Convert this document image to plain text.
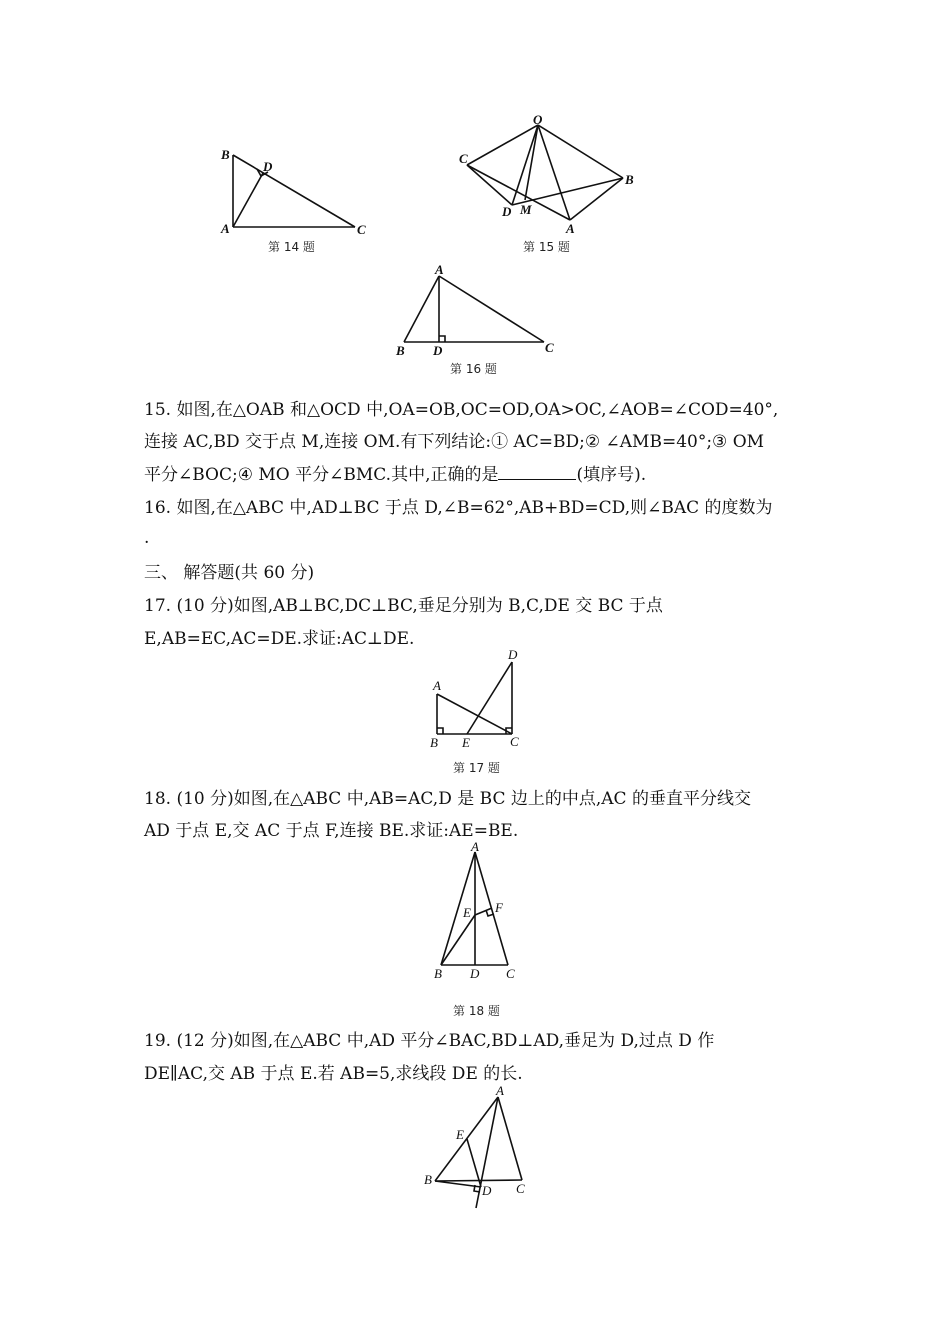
B
D
A	C
第 14 题
O
C
B
D M
A
第 15 题
A
B D	C
第 16 题
15. 如图,在△OAB 和△OCD 中,OA=OB,OC=OD,OA>OC,∠AOB=∠COD=40°,
连接 AC,BD 交于点 M,连接 OM.有下列结论:① AC=BD;② ∠AMB=40°;③ OM
平分∠BOC;④ MO 平分∠BMC.其中,正确的是	(填序号).
16. 如图,在△ABC 中,AD⊥BC 于点 D,∠B=62°,AB+BD=CD,则∠BAC 的度数为
.
三、 解答题(共 60 分)
17. (10 分)如图,AB⊥BC,DC⊥BC,垂足分别为 B,C,DE 交 BC 于点
E,AB=EC,AC=DE.求证:AC⊥DE.
D
A
B E	C
第 17 题
18. (10 分)如图,在△ABC 中,AB=AC,D 是 BC 边上的中点,AC 的垂直平分线交
AD 于点 E,交 AC 于点 F,连接 BE.求证:AE=BE.
A
E F
B D C
第 18 题
19. (12 分)如图,在△ABC 中,AD 平分∠BAC,BD⊥AD,垂足为 D,过点 D 作
DE∥AC,交 AB 于点 E.若 AB=5,求线段 DE 的长.
A
E
B
D C
